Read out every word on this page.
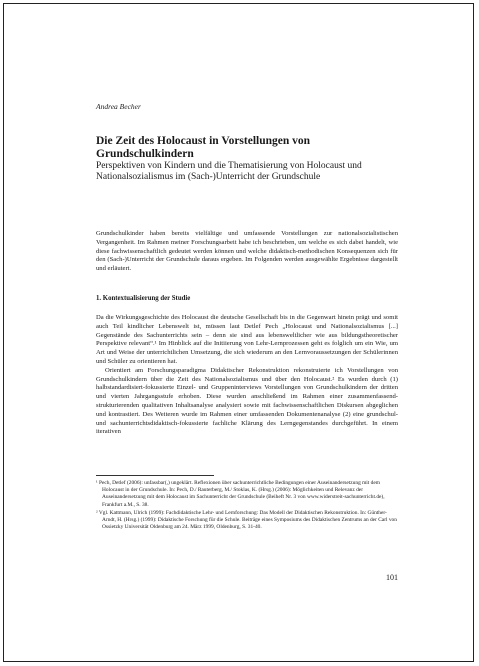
Andrea Becher
Die Zeit des Holocaust in Vorstellungen von Grundschulkindern
Perspektiven von Kindern und die Thematisierung von Holocaust und Nationalsozialismus im (Sach-)Unterricht der Grundschule
Grundschulkinder haben bereits vielfältige und umfassende Vorstellungen zur nationalsozialistischen Vergangenheit. Im Rahmen meiner Forschungsarbeit habe ich beschrieben, um welche es sich dabei handelt, wie diese fachwissenschaftlich gedeutet werden können und welche didaktisch-methodischen Konsequenzen sich für den (Sach-)Unterricht der Grundschule daraus ergeben. Im Folgenden werden ausgewählte Ergebnisse dargestellt und erläutert.
1. Kontextualisierung der Studie

Da die Wirkungsgeschichte des Holocaust die deutsche Gesellschaft bis in die Gegenwart hinein prägt und somit auch Teil kindlicher Lebenswelt ist, müssen laut Detlef Pech „Holocaust und Nationalsozialismus [...] Gegenstände des Sachunterrichts sein – denn sie sind aus lebensweltlicher wie aus bildungstheoretischer Perspektive relevant“.¹ Im Hinblick auf die Initiierung von Lehr-Lernprozessen geht es folglich um ein Wie, um Art und Weise der unterrichtlichen Umsetzung, die sich wiederum an den Lernvoraussetzungen der Schülerinnen und Schüler zu orientieren hat.

Orientiert am Forschungsparadigma Didaktischer Rekonstruktion rekonstruierte ich Vorstellungen von Grundschulkindern über die Zeit des Nationalsozialismus und über den Holocaust.² Es wurden durch (1) halbstandardisiert-fokussierte Einzel- und Gruppeninterviews Vorstellungen von Grundschulkindern der dritten und vierten Jahrgangsstufe erhoben. Diese wurden anschließend im Rahmen einer zusammenfassend-strukturierenden qualitativen Inhaltsanalyse analysiert sowie mit fachwissenschaftlichen Diskursen abgeglichen und kontrastiert. Des Weiteren wurde im Rahmen einer umfassenden Dokumentenanalyse (2) eine grundschul- und sachunterrichtsdidaktisch-fokussierte fachliche Klärung des Lerngegenstandes durchgeführt. In einem iterativen

¹ Pech, Detlef (2006): unfassbar(,) ungeklärt. Reflexionen über sachunterrichtliche Bedingungen einer Auseinandersetzung mit dem Holocaust in der Grundschule. In: Pech, D./ Rauterberg, M./ Stoklas, K. (Hrsg.) (2006): Möglichkeiten und Relevanz der Auseinandersetzung mit dem Holocaust im Sachunterricht der Grundschule (Beiheft Nr. 3 von www.widerstreit-sachunterricht.de), Frankfurt a.M., S. 38.

² Vgl. Kattmann, Ulrich (1999): Fachdidaktische Lehr- und Lernforschung: Das Modell der Didaktischen Rekonstruktion. In: Günther-Arndt, H. (Hrsg.) (1999): Didaktische Forschung für die Schule. Beiträge eines Symposiums des Didaktischen Zentrums an der Carl von Ossietzky Universität Oldenburg am 24. März 1999, Oldenburg, S. 31-40.

101
